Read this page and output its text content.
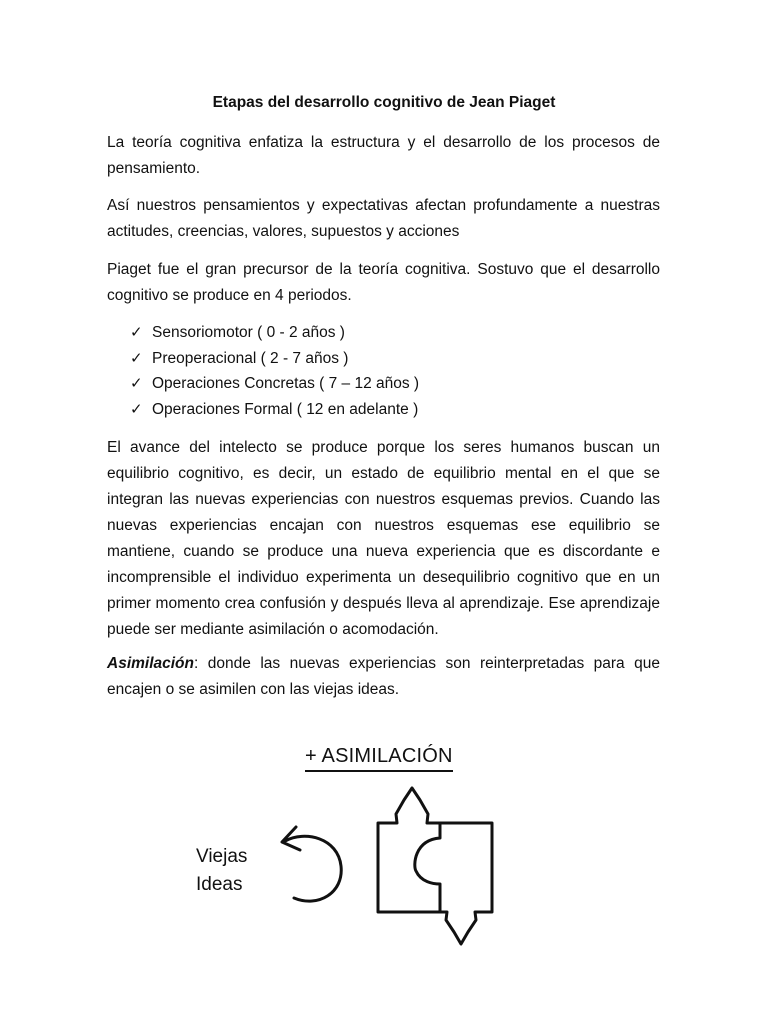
Etapas del desarrollo cognitivo de Jean Piaget

La teoría cognitiva enfatiza la estructura y el desarrollo de los procesos de pensamiento.

Así nuestros pensamientos y expectativas afectan profundamente a nuestras actitudes, creencias, valores, supuestos y acciones

Piaget fue el gran precursor de la teoría cognitiva. Sostuvo que el desarrollo cognitivo se produce en 4 periodos.

✓ Sensoriomotor ( 0 - 2 años )
✓ Preoperacional ( 2 - 7 años )
✓ Operaciones Concretas ( 7 – 12 años )
✓ Operaciones Formal ( 12 en adelante )

El avance del intelecto se produce porque los seres humanos buscan un equilibrio cognitivo, es decir, un estado de equilibrio mental en el que se integran las nuevas experiencias con nuestros esquemas previos. Cuando las nuevas experiencias encajan con nuestros esquemas ese equilibrio se mantiene, cuando se produce una nueva experiencia que es discordante e incomprensible el individuo experimenta un desequilibrio cognitivo que en un primer momento crea confusión y después lleva al aprendizaje. Ese aprendizaje puede ser mediante asimilación o acomodación.

Asimilación: donde las nuevas experiencias son reinterpretadas para que encajen o se asimilen con las viejas ideas.

+ ASIMILACIÓN
Viejas
Ideas
